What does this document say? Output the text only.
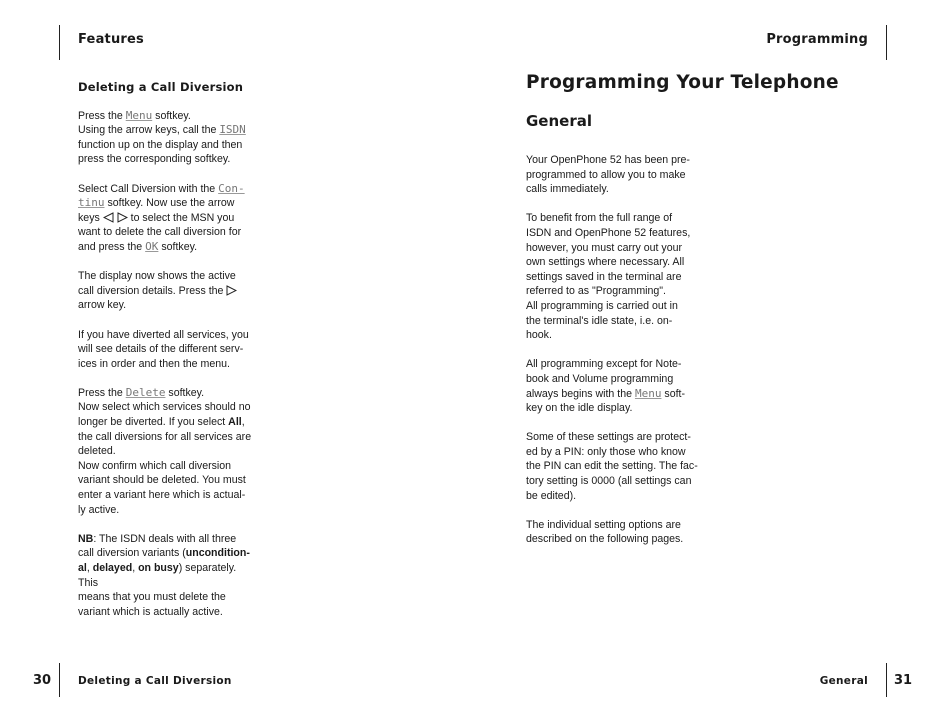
Features	Programming
30	Deleting a Call Diversion	General 31
Deleting a Call Diversion

Press the Menu softkey.
Using the arrow keys, call the ISDN
function up on the display and then
press the corresponding softkey.

Select Call Diversion with the Con-
tinu softkey. Now use the arrow
keys   to select the MSN you
want to delete the call diversion for
and press the OK softkey.

The display now shows the active
call diversion details. Press the
arrow key.

If you have diverted all services, you
will see details of the different serv-
ices in order and then the menu.

Press the Delete softkey.
Now select which services should no
longer be diverted. If you select All,
the call diversions for all services are
deleted.
Now confirm which call diversion
variant should be deleted. You must
enter a variant here which is actual-
ly active.

NB: The ISDN deals with all three
call diversion variants (uncondition-
al, delayed, on busy) separately. This
means that you must delete the
variant which is actually active.

Programming Your Telephone
General

Your OpenPhone 52 has been pre-
programmed to allow you to make
calls immediately.

To benefit from the full range of
ISDN and OpenPhone 52 features,
however, you must carry out your
own settings where necessary. All
settings saved in the terminal are
referred to as "Programming".
All programming is carried out in
the terminal's idle state, i.e. on-
hook.

All programming except for Note-
book and Volume programming
always begins with the Menu soft-
key on the idle display.

Some of these settings are protect-
ed by a PIN: only those who know
the PIN can edit the setting. The fac-
tory setting is 0000 (all settings can
be edited).

The individual setting options are
described on the following pages.
